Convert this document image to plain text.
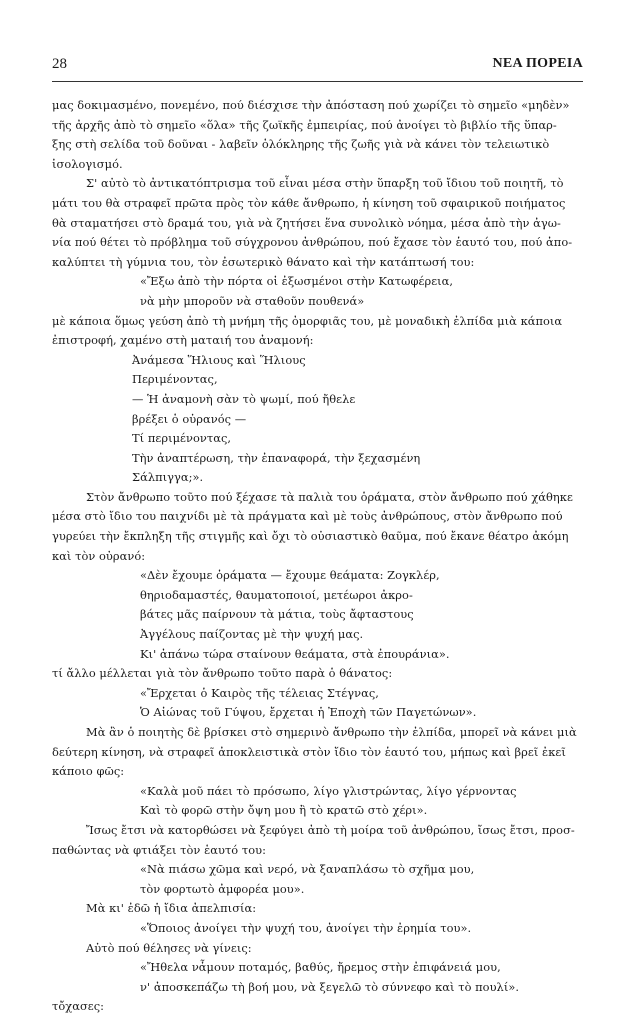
28	ΝΕΑ ΠΟΡΕΙΑ

μας δοκιμασμένο, πονεμένο, πού διέσχισε τὴν ἀπόσταση πού χωρίζει τὸ σημεῖο «μηδὲν»

τῆς ἀρχῆς ἀπὸ τὸ σημεῖο «ὅλα» τῆς ζωϊκῆς ἐμπειρίας, πού ἀνοίγει τὸ βιβλίο τῆς ὕπαρ-

ξης στὴ σελίδα τοῦ δοῦναι - λαβεῖν ὁλόκληρης τῆς ζωῆς γιὰ νὰ κάνει τὸν τελειωτικὸ

ἰσολογισμό.

Σ' αὐτὸ τὸ ἀντικατόπτρισμα τοῦ εἶναι μέσα στὴν ὕπαρξη τοῦ ἴδιου τοῦ ποιητῆ, τὸ

μάτι του θὰ στραφεῖ πρῶτα πρὸς τὸν κάθε ἄνθρωπο, ἡ κίνηση τοῦ σφαιρικοῦ ποιήματος

θὰ σταματήσει στὸ δραμά του, γιὰ νὰ ζητήσει ἕνα συνολικὸ νόημα, μέσα ἀπὸ τὴν ἀγω-

νία πού θέτει τὸ πρόβλημα τοῦ σύγχρονου ἀνθρώπου, πού ἔχασε τὸν ἑαυτό του, πού ἀπο-

καλύπτει τὴ γύμνια του, τὸν ἐσωτερικὸ θάνατο καὶ τὴν κατάπτωσή του:

«Ἔξω ἀπὸ τὴν πόρτα οἱ ἐξωσμένοι στὴν Κατωφέρεια,

νὰ μὴν μποροῦν νὰ σταθοῦν πουθενά»

μὲ κάποια ὅμως γεύση ἀπὸ τὴ μνήμη τῆς ὀμορφιᾶς του, μὲ μοναδικὴ ἐλπίδα μιὰ κάποια

ἐπιστροφή, χαμένο στὴ ματαιή του ἀναμονή:

Ἀνάμεσα Ἥλιους καὶ Ἥλιους

Περιμένοντας,

— Ἡ ἀναμονὴ σὰν τὸ ψωμί, πού ἤθελε

βρέξει ὁ οὐρανός —

Τί περιμένοντας,

Τὴν ἀναπτέρωση, τὴν ἐπαναφορά, τὴν ξεχασμένη

Σάλπιγγα;».

Στὸν ἄνθρωπο τοῦτο πού ξέχασε τὰ παλιὰ του ὁράματα, στὸν ἄνθρωπο πού χάθηκε

μέσα στὸ ἴδιο του παιχνίδι μὲ τὰ πράγματα καὶ μὲ τοὺς ἀνθρώπους, στὸν ἄνθρωπο πού

γυρεύει τὴν ἔκπληξη τῆς στιγμῆς καὶ ὄχι τὸ οὐσιαστικὸ θαῦμα, πού ἔκανε θέατρο ἀκόμη

καὶ τὸν οὐρανό:

«Δὲν ἔχουμε ὁράματα — ἔχουμε θεάματα: Ζογκλέρ,

θηριοδαμαστές, θαυματοποιοί, μετέωροι ἀκρο-

βάτες μᾶς παίρνουν τὰ μάτια, τοὺς ἄφταστους

Ἀγγέλους παίζοντας μὲ τὴν ψυχή μας.

Κι' ἀπάνω τώρα σταίνουν θεάματα, στὰ ἐπουράνια».

τί ἄλλο μέλλεται γιὰ τὸν ἄνθρωπο τοῦτο παρὰ ὁ θάνατος:

«Ἔρχεται ὁ Καιρὸς τῆς τέλειας Στέγνας,

Ὁ Αἰώνας τοῦ Γύψου, ἔρχεται ἡ Ἐποχὴ τῶν Παγετώνων».

Μὰ ἂν ὁ ποιητὴς δὲ βρίσκει στὸ σημερινὸ ἄνθρωπο τὴν ἐλπίδα, μπορεῖ νὰ κάνει μιὰ

δεύτερη κίνηση, νὰ στραφεῖ ἀποκλειστικὰ στὸν ἴδιο τὸν ἑαυτό του, μήπως καὶ βρεῖ ἐκεῖ

κάποιο φῶς:

«Καλὰ μοῦ πάει τὸ πρόσωπο, λίγο γλιστρώντας, λίγο γέρνοντας

Καὶ τὸ φορῶ στὴν ὄψη μου ἢ τὸ κρατῶ στὸ χέρι».

Ἴσως ἔτσι νὰ κατορθώσει νὰ ξεφύγει ἀπὸ τὴ μοίρα τοῦ ἀνθρώπου, ἴσως ἔτσι, προσ-

παθώντας νὰ φτιάξει τὸν ἑαυτό του:

«Νὰ πιάσω χῶμα καὶ νερό, νὰ ξαναπλάσω τὸ σχῆμα μου,

τὸν φορτωτὸ ἀμφορέα μου».

Μὰ κι' ἐδῶ ἡ ἴδια ἀπελπισία:

«Ὅποιος ἀνοίγει τὴν ψυχή του, ἀνοίγει τὴν ἐρημία του».

Αὐτὸ πού θέλησες νὰ γίνεις:

«Ἤθελα νἆμουν ποταμός, βαθύς, ἤρεμος στὴν ἐπιφάνειά μου,

ν' ἀποσκεπάζω τὴ βοή μου, νὰ ξεγελῶ τὸ σύννεφο καὶ τὸ πουλί».

τὄχασες:
